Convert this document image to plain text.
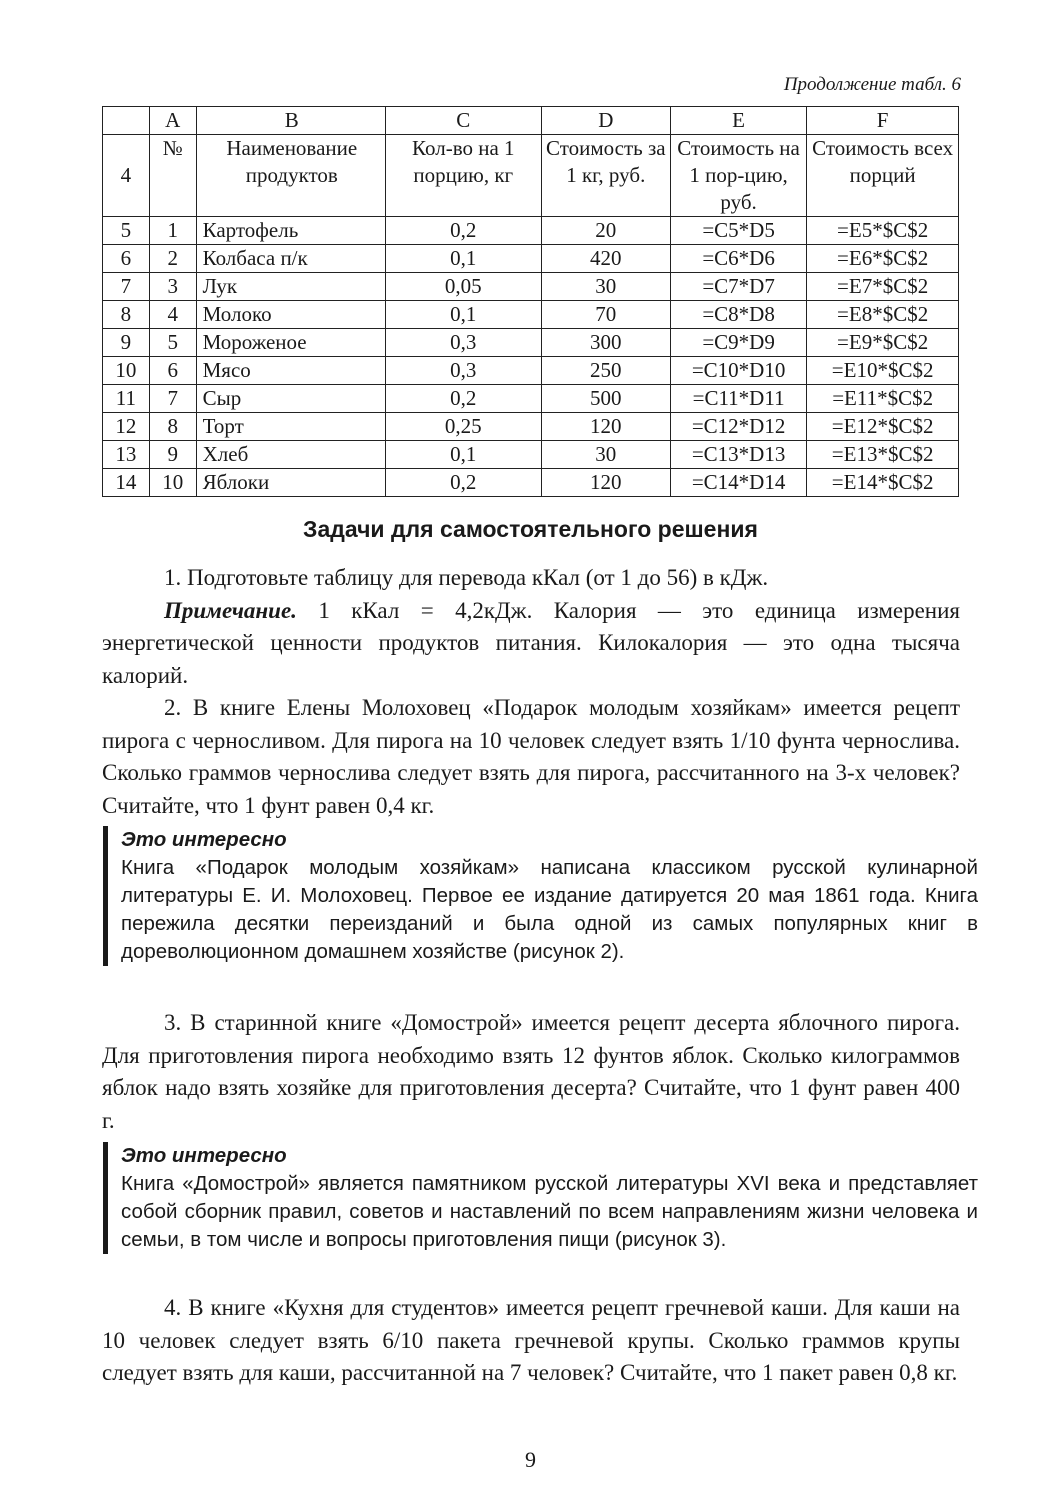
Продолжение табл. 6
	A	B	C	D	E	F
4	№	Наименование продуктов	Кол-во на 1 порцию, кг	Стоимость за 1 кг, руб.	Стоимость на 1 пор-цию, руб.	Стоимость всех порций
5	1	Картофель	0,2	20	=C5*D5	=E5*$C$2
6	2	Колбаса п/к	0,1	420	=C6*D6	=E6*$C$2
7	3	Лук	0,05	30	=C7*D7	=E7*$C$2
8	4	Молоко	0,1	70	=C8*D8	=E8*$C$2
9	5	Мороженое	0,3	300	=C9*D9	=E9*$C$2
10	6	Мясо	0,3	250	=C10*D10	=E10*$C$2
11	7	Сыр	0,2	500	=C11*D11	=E11*$C$2
12	8	Торт	0,25	120	=C12*D12	=E12*$C$2
13	9	Хлеб	0,1	30	=C13*D13	=E13*$C$2
14	10	Яблоки	0,2	120	=C14*D14	=E14*$C$2
Задачи для самостоятельного решения

1. Подготовьте таблицу для перевода кКал (от 1 до 56) в кДж.

Примечание. 1 кКал = 4,2кДж. Калория — это единица измерения энергетической ценности продуктов питания. Килокалория — это одна тысяча калорий.

2. В книге Елены Молоховец «Подарок молодым хозяйкам» имеется рецепт пирога с черносливом. Для пирога на 10 человек следует взять 1/10 фунта чернослива. Сколько граммов чернослива следует взять для пирога, рассчитанного на 3-х человек? Считайте, что 1 фунт равен 0,4 кг.

Это интересно

Книга «Подарок молодым хозяйкам» написана классиком русской кулинарной литературы Е. И. Молоховец. Первое ее издание датируется 20 мая 1861 года. Книга пережила десятки переизданий и была одной из самых популярных книг в дореволюционном домашнем хозяйстве (рисунок 2).

3. В старинной книге «Домострой» имеется рецепт десерта яблочного пирога. Для приготовления пирога необходимо взять 12 фунтов яблок. Сколько килограммов яблок надо взять хозяйке для приготовления десерта? Считайте, что 1 фунт равен 400 г.

Это интересно

Книга «Домострой» является памятником русской литературы XVI века и представляет собой сборник правил, советов и наставлений по всем направлениям жизни человека и семьи, в том числе и вопросы приготовления пищи (рисунок 3).

4. В книге «Кухня для студентов» имеется рецепт гречневой каши. Для каши на 10 человек следует взять 6/10 пакета гречневой крупы. Сколько граммов крупы следует взять для каши, рассчитанной на 7 человек? Считайте, что 1 пакет равен 0,8 кг.

9
